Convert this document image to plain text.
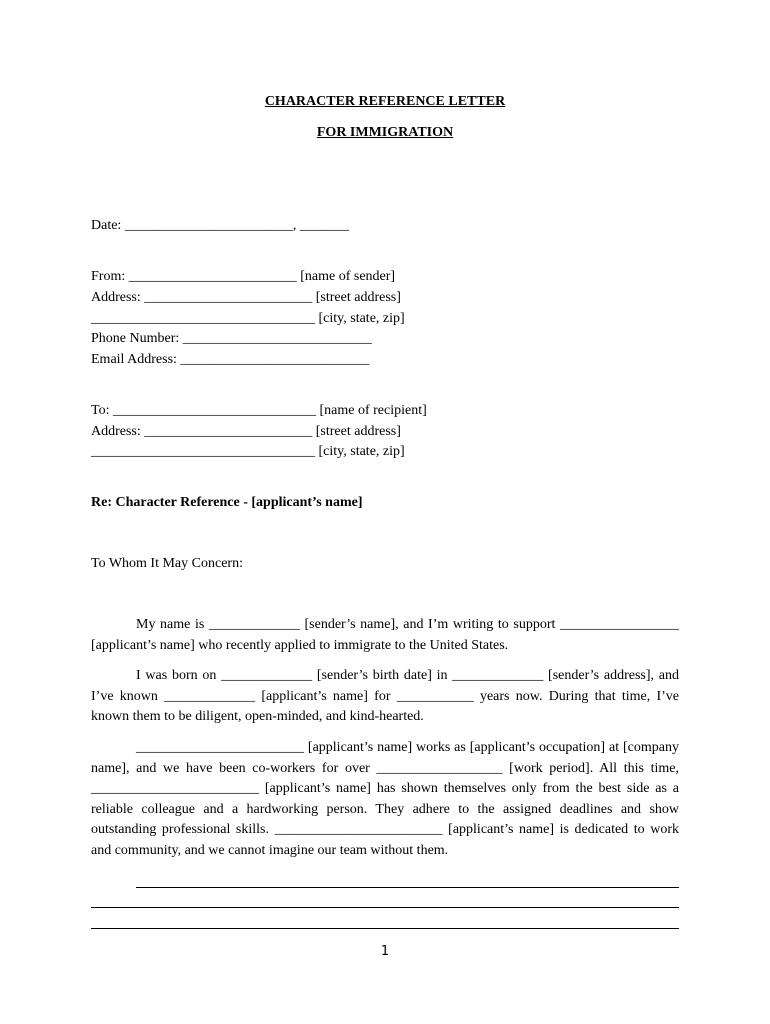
CHARACTER REFERENCE LETTER
FOR IMMIGRATION
Date: ________________________, _______
From: ________________________ [name of sender]
Address: ________________________ [street address]
________________________________ [city, state, zip]
Phone Number: ___________________________
Email Address: ___________________________
To: _____________________________ [name of recipient]
Address: ________________________ [street address]
________________________________ [city, state, zip]
Re: Character Reference - [applicant’s name]
To Whom It May Concern:

My name is _____________ [sender’s name], and I’m writing to support _________________ [applicant’s name] who recently applied to immigrate to the United States.

I was born on _____________ [sender’s birth date] in _____________ [sender’s address], and I’ve known _____________ [applicant’s name] for ___________ years now. During that time, I’ve known them to be diligent, open-minded, and kind-hearted.

________________________ [applicant’s name] works as [applicant’s occupation] at [company name], and we have been co-workers for over __________________ [work period]. All this time, ________________________ [applicant’s name] has shown themselves only from the best side as a reliable colleague and a hardworking person. They adhere to the assigned deadlines and show outstanding professional skills. ________________________ [applicant’s name] is dedicated to work and community, and we cannot imagine our team without them.

1
